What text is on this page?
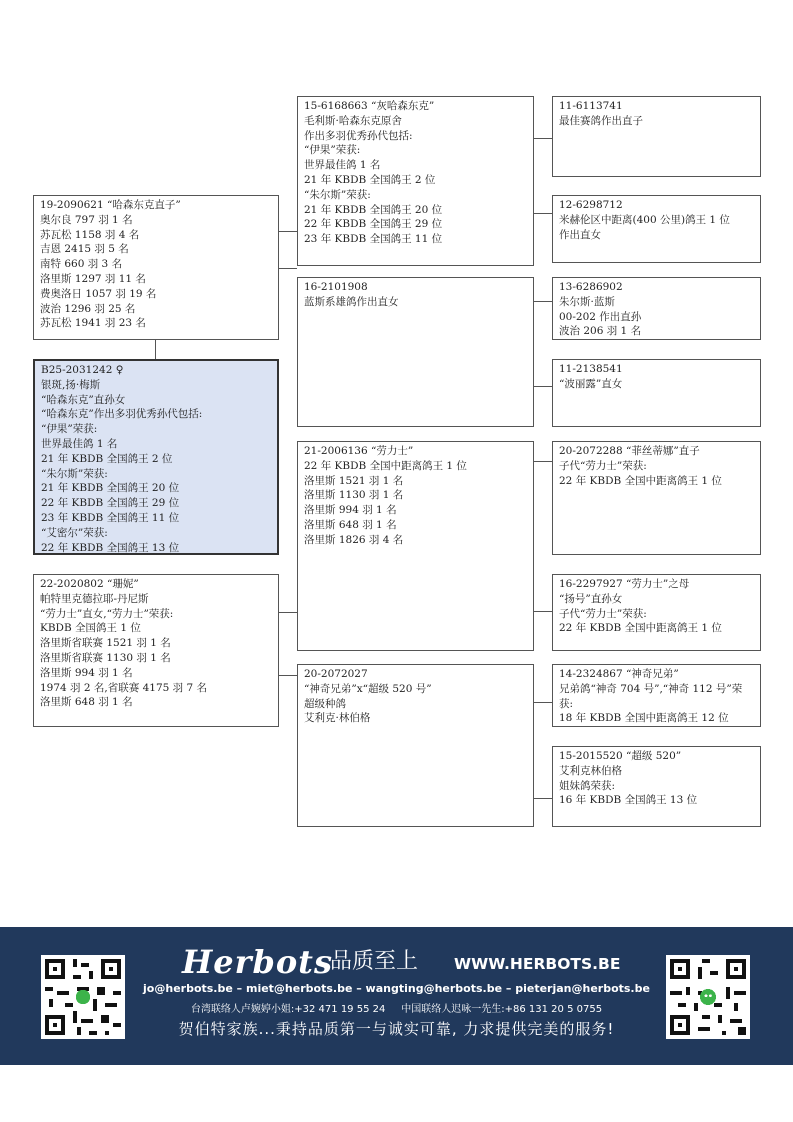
19-2090621 “哈森东克直子”
奥尔良 797 羽 1 名
苏瓦松 1158 羽 4 名
吉恩 2415 羽 5 名
南特 660 羽 3 名
洛里斯 1297 羽 11 名
费奥洛日 1057 羽 19 名
波治 1296 羽 25 名
苏瓦松 1941 羽 23 名
B25-2031242 ♀
银斑,扬·梅斯
“哈森东克”直孙女
“哈森东克”作出多羽优秀孙代包括:
“伊果”荣获:
世界最佳鸽 1 名
21 年 KBDB 全国鸽王 2 位
“朱尔斯”荣获:
21 年 KBDB 全国鸽王 20 位
22 年 KBDB 全国鸽王 29 位
23 年 KBDB 全国鸽王 11 位
“艾密尔”荣获:
22 年 KBDB 全国鸽王 13 位
22-2020802 “珊妮”
帕特里克德拉耶-丹尼斯
“劳力士”直女,“劳力士”荣获:
KBDB 全国鸽王 1 位
洛里斯省联赛 1521 羽 1 名
洛里斯省联赛 1130 羽 1 名
洛里斯 994 羽 1 名
1974 羽 2 名,省联赛 4175 羽 7 名
洛里斯 648 羽 1 名
15-6168663 “灰哈森东克”
毛利斯·哈森东克原舍
作出多羽优秀孙代包括:
“伊果”荣获:
世界最佳鸽 1 名
21 年 KBDB 全国鸽王 2 位
“朱尔斯”荣获:
21 年 KBDB 全国鸽王 20 位
22 年 KBDB 全国鸽王 29 位
23 年 KBDB 全国鸽王 11 位
16-2101908
蓝斯系雄鸽作出直女
21-2006136 “劳力士”
22 年 KBDB 全国中距离鸽王 1 位
洛里斯 1521 羽 1 名
洛里斯 1130 羽 1 名
洛里斯 994 羽 1 名
洛里斯 648 羽 1 名
洛里斯 1826 羽 4 名
20-2072027
“神奇兄弟”x“超级 520 号”
超级种鸽
艾利克·林伯格
11-6113741
最佳赛鸽作出直子
12-6298712
米赫伦区中距离(400 公里)鸽王 1 位
作出直女
13-6286902
朱尔斯·蓝斯
00-202 作出直孙
波治 206 羽 1 名
11-2138541
“波丽露”直女
20-2072288 “菲丝蒂娜”直子
子代“劳力士”荣获:
22 年 KBDB 全国中距离鸽王 1 位
16-2297927 “劳力士”之母
“扬号”直孙女
子代“劳力士”荣获:
22 年 KBDB 全国中距离鸽王 1 位
14-2324867 “神奇兄弟”
兄弟鸽“神奇 704 号”,“神奇 112 号”荣获:
18 年 KBDB 全国中距离鸽王 12 位
15-2015520 “超级 520”
艾利克林伯格
姐妹鸽荣获:
16 年 KBDB 全国鸽王 13 位
Herbots
品质至上 WWW.HERBOTS.BE
jo@herbots.be – miet@herbots.be – wangting@herbots.be – pieterjan@herbots.be
台湾联络人卢婉婷小姐:+32 471 19 55 24 中国联络人迟咏一先生:+86 131 20 5 0755
贺伯特家族...秉持品质第一与诚实可靠, 力求提供完美的服务!
